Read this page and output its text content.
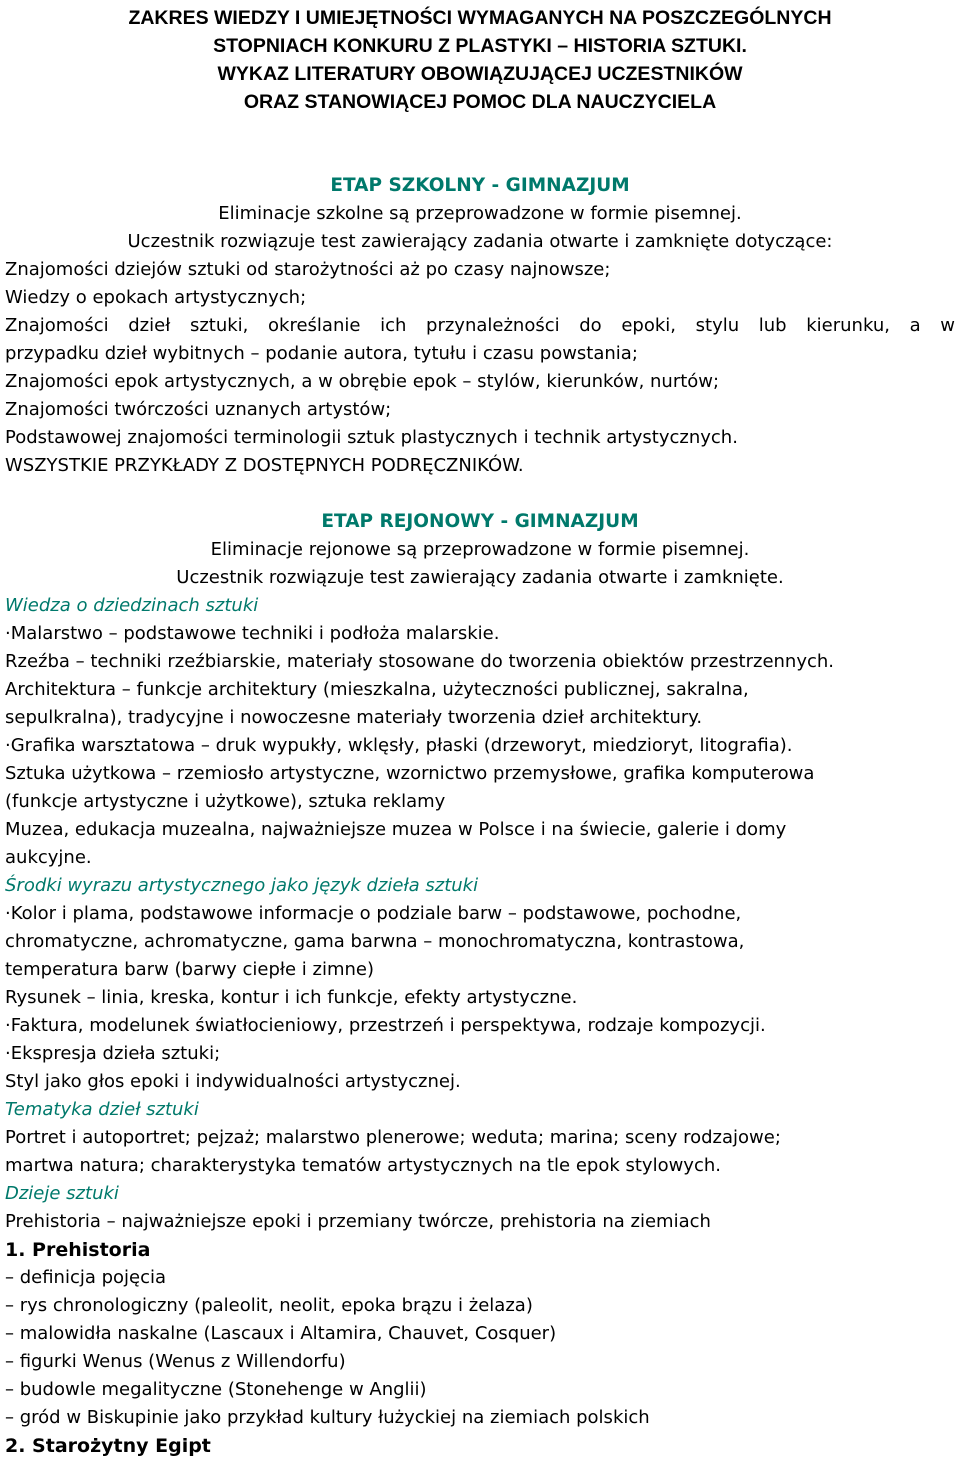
ZAKRES WIEDZY I UMIEJĘTNOŚCI WYMAGANYCH NA POSZCZEGÓLNYCH

STOPNIACH KONKURU Z PLASTYKI – HISTORIA SZTUKI.

WYKAZ LITERATURY OBOWIĄZUJĄCEJ UCZESTNIKÓW

ORAZ STANOWIĄCEJ POMOC DLA NAUCZYCIELA

ETAP SZKOLNY - GIMNAZJUM

Eliminacje szkolne są przeprowadzone w formie pisemnej.

Uczestnik rozwiązuje test zawierający zadania otwarte i zamknięte dotyczące:

Znajomości dziejów sztuki od starożytności aż po czasy najnowsze;

Wiedzy o epokach artystycznych;

Znajomości dzieł sztuki, określanie ich przynależności do epoki, stylu lub kierunku, a w

przypadku dzieł wybitnych – podanie autora, tytułu i czasu powstania;

Znajomości epok artystycznych, a w obrębie epok – stylów, kierunków, nurtów;

Znajomości twórczości uznanych artystów;

Podstawowej znajomości terminologii sztuk plastycznych i technik artystycznych.

WSZYSTKIE PRZYKŁADY Z DOSTĘPNYCH PODRĘCZNIKÓW.

ETAP REJONOWY - GIMNAZJUM

Eliminacje rejonowe są przeprowadzone w formie pisemnej.

Uczestnik rozwiązuje test zawierający zadania otwarte i zamknięte.

Wiedza o dziedzinach sztuki

·Malarstwo – podstawowe techniki i podłoża malarskie.

Rzeźba – techniki rzeźbiarskie, materiały stosowane do tworzenia obiektów przestrzennych.

Architektura – funkcje architektury (mieszkalna, użyteczności publicznej, sakralna,

sepulkralna), tradycyjne i nowoczesne materiały tworzenia dzieł architektury.

·Grafika warsztatowa – druk wypukły, wklęsły, płaski (drzeworyt, miedzioryt, litografia).

Sztuka użytkowa – rzemiosło artystyczne, wzornictwo przemysłowe, grafika komputerowa

(funkcje artystyczne i użytkowe), sztuka reklamy

Muzea, edukacja muzealna, najważniejsze muzea w Polsce i na świecie, galerie i domy

aukcyjne.

Środki wyrazu artystycznego jako język dzieła sztuki

·Kolor i plama, podstawowe informacje o podziale barw – podstawowe, pochodne,

chromatyczne, achromatyczne, gama barwna – monochromatyczna, kontrastowa,

temperatura barw (barwy ciepłe i zimne)

Rysunek – linia, kreska, kontur i ich funkcje, efekty artystyczne.

·Faktura, modelunek światłocieniowy, przestrzeń i perspektywa, rodzaje kompozycji.

·Ekspresja dzieła sztuki;

Styl jako głos epoki i indywidualności artystycznej.

Tematyka dzieł sztuki

Portret i autoportret; pejzaż; malarstwo plenerowe; weduta; marina; sceny rodzajowe;

martwa natura; charakterystyka tematów artystycznych na tle epok stylowych.

Dzieje sztuki

Prehistoria – najważniejsze epoki i przemiany twórcze, prehistoria na ziemiach

1. Prehistoria

– definicja pojęcia

– rys chronologiczny (paleolit, neolit, epoka brązu i żelaza)

– malowidła naskalne (Lascaux i Altamira, Chauvet, Cosquer)

– figurki Wenus (Wenus z Willendorfu)

– budowle megalityczne (Stonehenge w Anglii)

– gród w Biskupinie jako przykład kultury łużyckiej na ziemiach polskich

2. Starożytny Egipt
